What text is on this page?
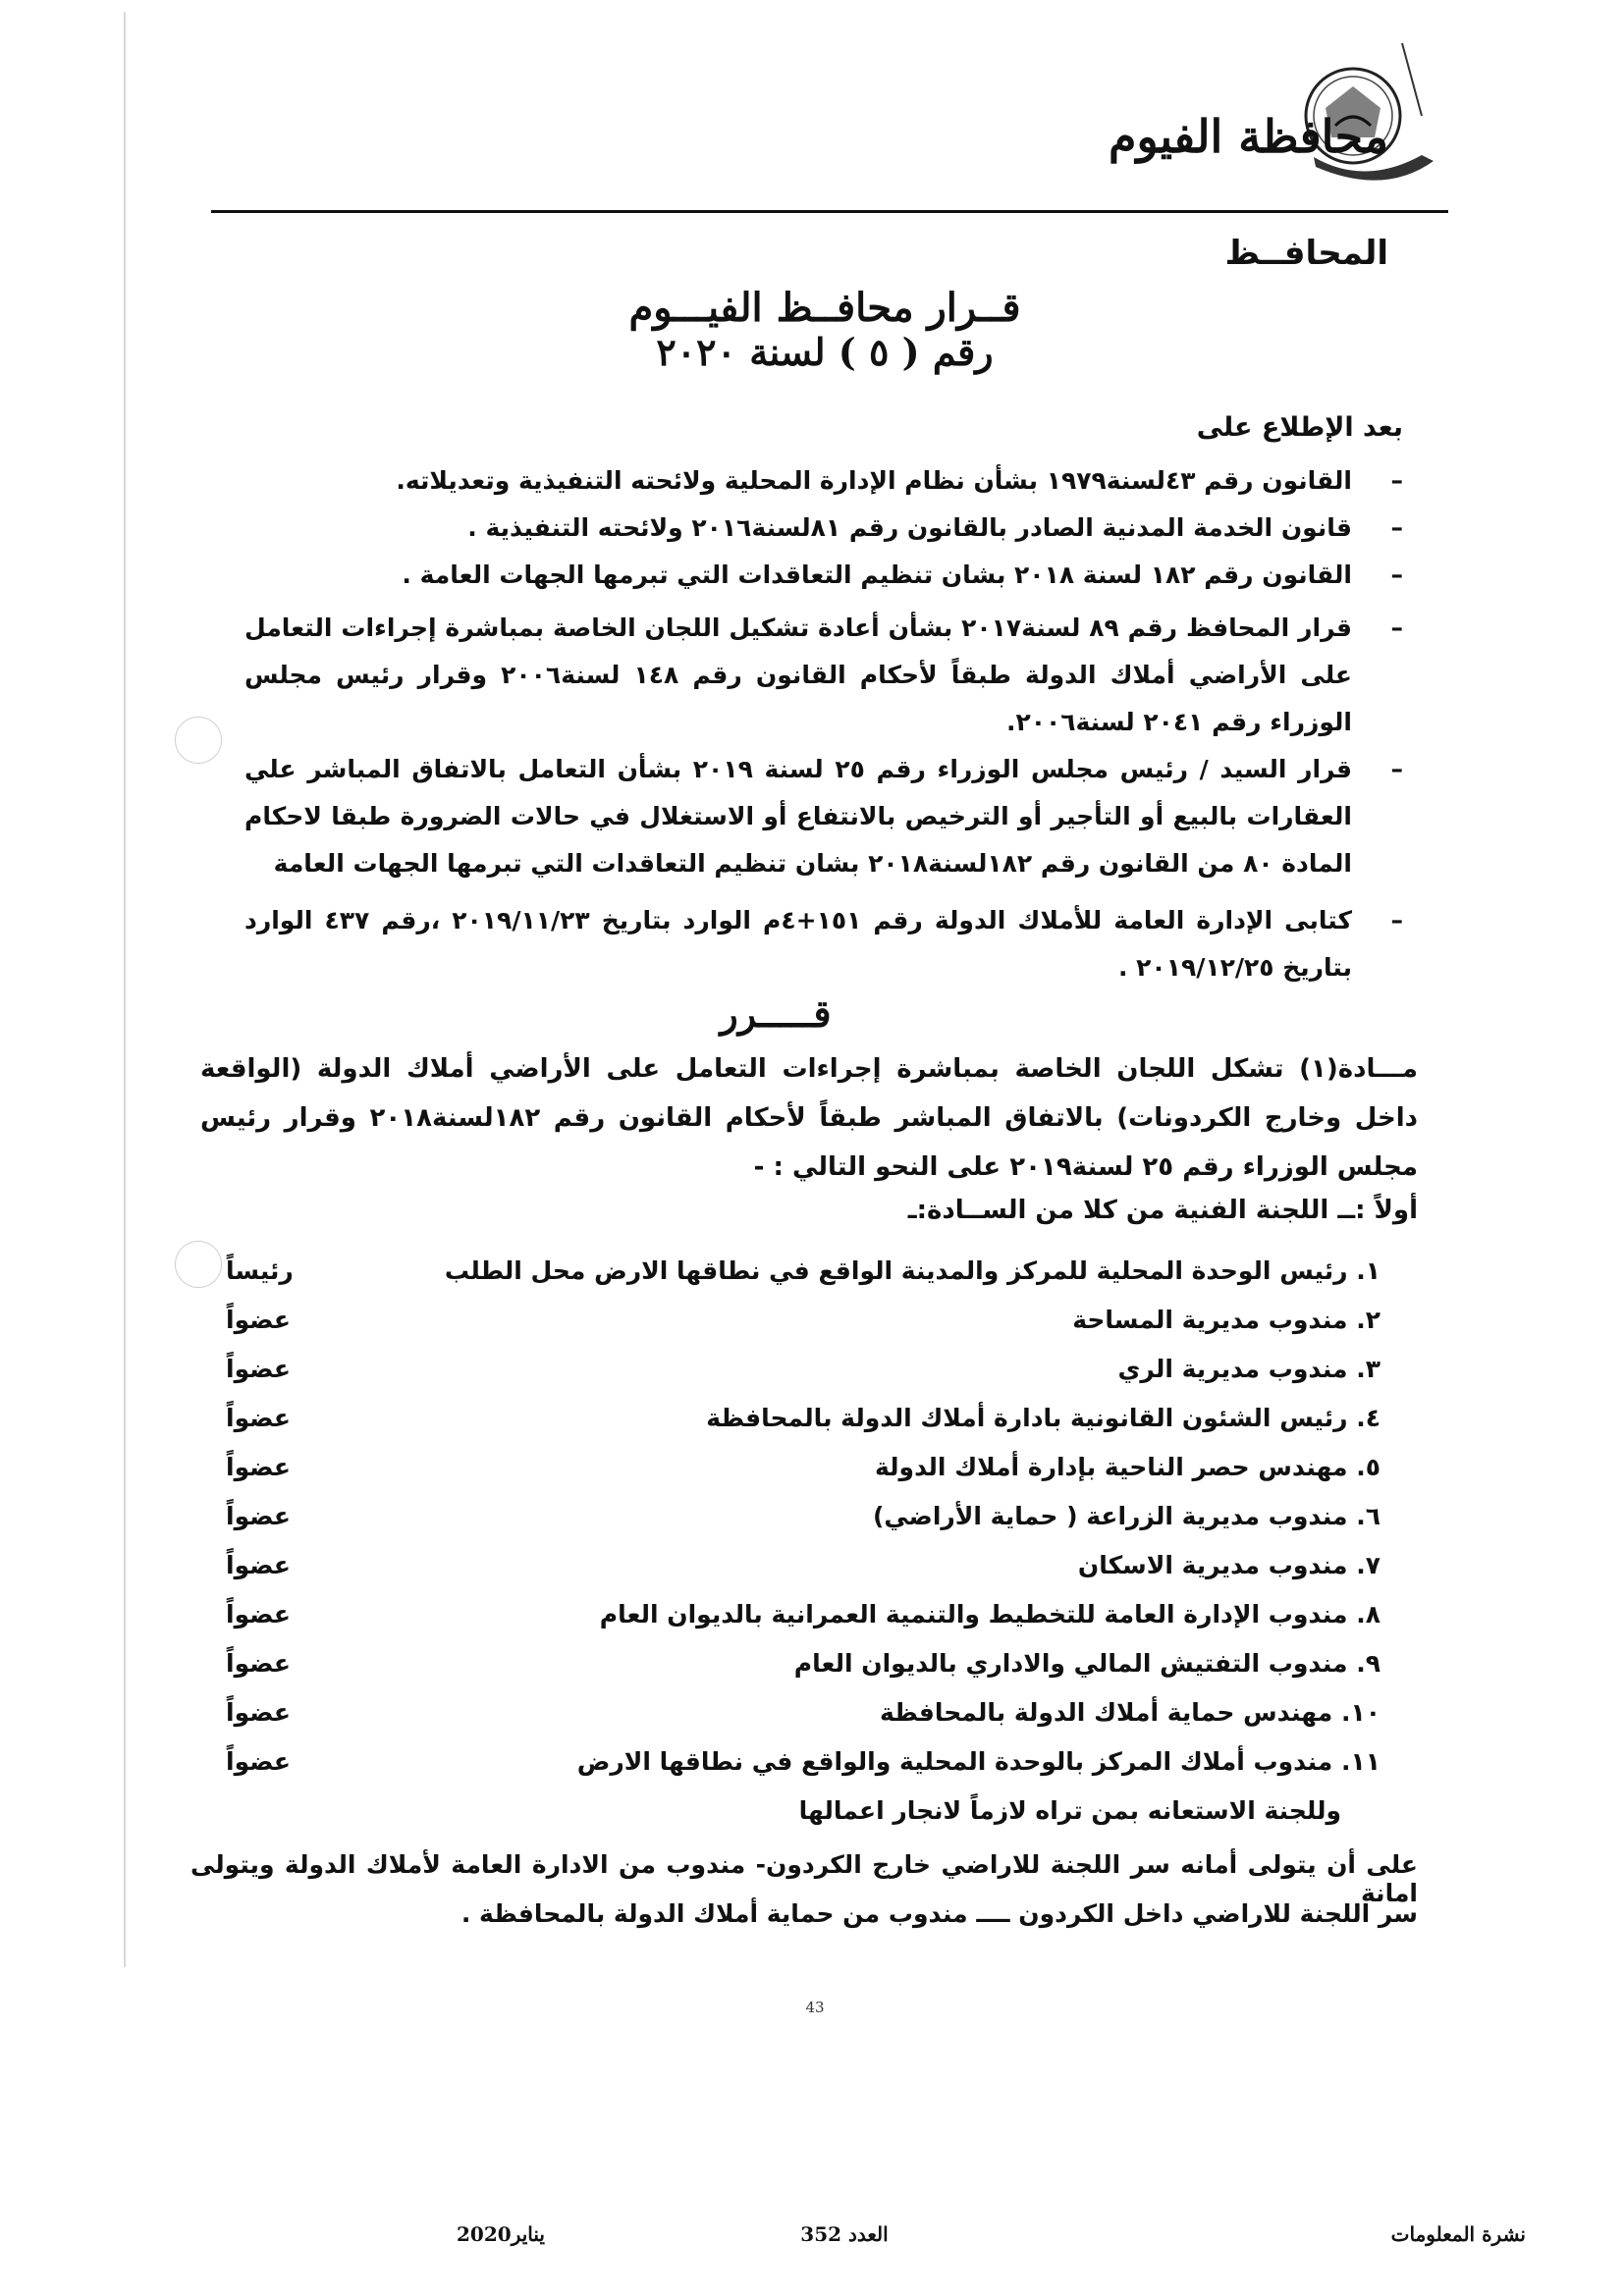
محافظة الفيوم
المحافــظ
قــرار محافــظ الفيـــوم
رقم ( ٥ ) لسنة ٢٠٢٠
بعد الإطلاع على
–
القانون رقم ٤٣لسنة١٩٧٩ بشأن نظام الإدارة المحلية ولائحته التنفيذية وتعديلاته.
–
قانون الخدمة المدنية الصادر بالقانون رقم ٨١لسنة٢٠١٦ ولائحته التنفيذية .
–
القانون رقم ١٨٢ لسنة ٢٠١٨ بشان تنظيم التعاقدات التي تبرمها الجهات العامة .
–
قرار المحافظ رقم ٨٩ لسنة٢٠١٧ بشأن أعادة تشكيل اللجان الخاصة بمباشرة إجراءات التعامل على الأراضي أملاك الدولة طبقاً لأحكام القانون رقم ١٤٨ لسنة٢٠٠٦ وقرار رئيس مجلس الوزراء رقم ٢٠٤١ لسنة٢٠٠٦.
–
قرار السيد / رئيس مجلس الوزراء رقم ٢٥ لسنة ٢٠١٩ بشأن التعامل بالاتفاق المباشر علي العقارات بالبيع أو التأجير أو الترخيص بالانتفاع أو الاستغلال في حالات الضرورة طبقا لاحكام المادة ٨٠ من القانون رقم ١٨٢لسنة٢٠١٨ بشان تنظيم التعاقدات التي تبرمها الجهات العامة
–
كتابى الإدارة العامة للأملاك الدولة رقم ١٥١+٤م الوارد بتاريخ ٢٠١٩/١١/٢٣ ،رقم ٤٣٧ الوارد بتاريخ ٢٠١٩/١٢/٢٥ .
قـــــرر
مـــادة(١) تشكل اللجان الخاصة بمباشرة إجراءات التعامل على الأراضي أملاك الدولة (الواقعة داخل وخارج الكردونات) بالاتفاق المباشر طبقاً لأحكام القانون رقم ١٨٢لسنة٢٠١٨ وقرار رئيس مجلس الوزراء رقم ٢٥ لسنة٢٠١٩ على النحو التالي : -
أولاً :ــ اللجنة الفنية من كلا من الســادة:ـ
١. رئيس الوحدة المحلية للمركز والمدينة الواقع في نطاقها الارض محل الطلب
رئيساً
٢. مندوب مديرية المساحة
عضواً
٣. مندوب مديرية الري
عضواً
٤. رئيس الشئون القانونية بادارة أملاك الدولة بالمحافظة
عضواً
٥. مهندس حصر الناحية بإدارة أملاك الدولة
عضواً
٦. مندوب مديرية الزراعة ( حماية الأراضي)
عضواً
٧. مندوب مديرية الاسكان
عضواً
٨. مندوب الإدارة العامة للتخطيط والتنمية العمرانية بالديوان العام
عضواً
٩. مندوب التفتيش المالي والاداري بالديوان العام
عضواً
١٠. مهندس حماية أملاك الدولة بالمحافظة
عضواً
١١. مندوب أملاك المركز بالوحدة المحلية والواقع في نطاقها الارض
عضواً
وللجنة الاستعانه بمن تراه لازماً لانجار اعمالها
على أن يتولى أمانه سر اللجنة للاراضي خارج الكردون- مندوب من الادارة العامة لأملاك الدولة ويتولى امانة
سر اللجنة للاراضي داخل الكردون ــــ مندوب من حماية أملاك الدولة بالمحافظة .
43
نشرة المعلومات
العدد 352
يناير2020
